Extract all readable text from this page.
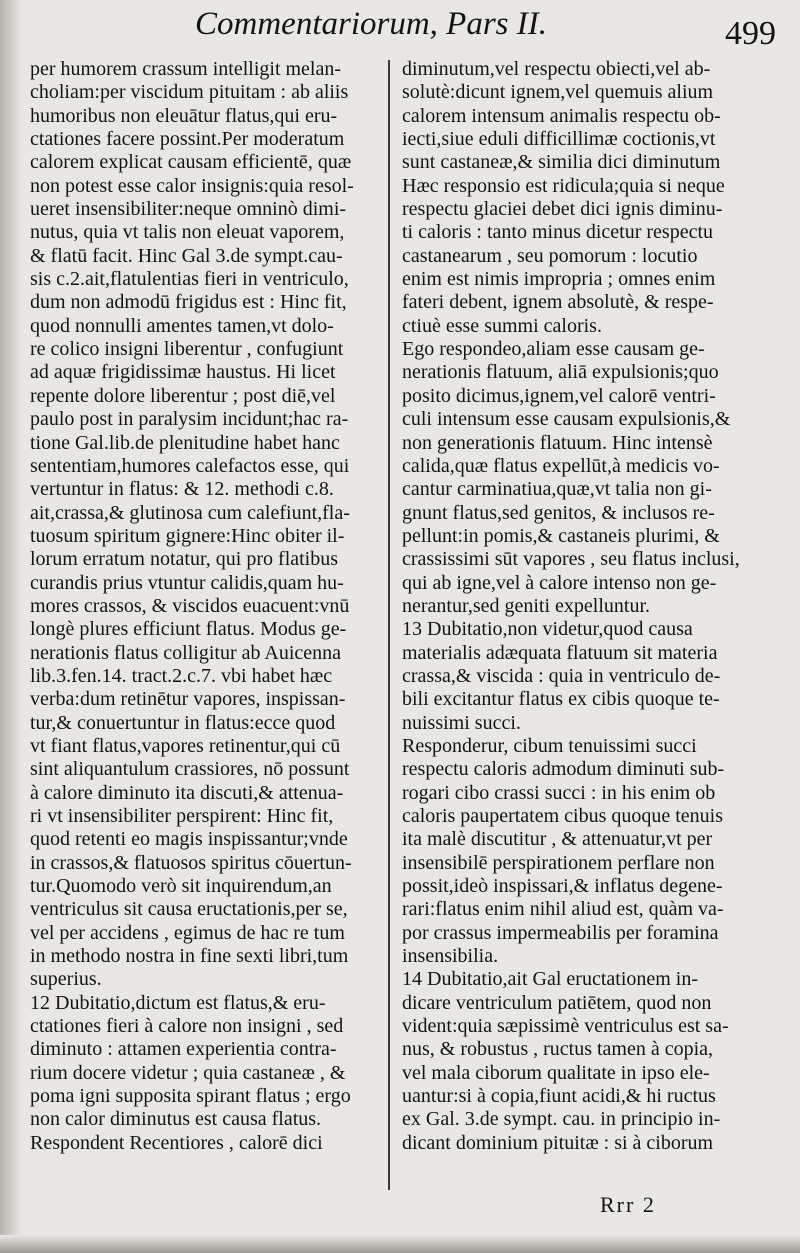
Commentariorum, Pars II.	499
per humorem crassum intelligit melan-
choliam:per viscidum pituitam : ab aliis
humoribus non eleuātur flatus,qui eru-
ctationes facere possint.Per moderatum
calorem explicat causam efficientē, quæ
non potest esse calor insignis:quia resol-
ueret insensibiliter:neque omninò dimi-
nutus, quia vt talis non eleuat vaporem,
& flatū facit. Hinc Gal 3.de sympt.cau-
sis c.2.ait,flatulentias fieri in ventriculo,
dum non admodū frigidus est : Hinc fit,
quod nonnulli amentes tamen,vt dolo-
re colico insigni liberentur , confugiunt
ad aquæ frigidissimæ haustus. Hi licet
repente dolore liberentur ; post diē,vel
paulo post in paralysim incidunt;hac ra-
tione Gal.lib.de plenitudine habet hanc
sententiam,humores calefactos esse, qui
vertuntur in flatus: & 12. methodi c.8.
ait,crassa,& glutinosa cum calefiunt,fla-
tuosum spiritum gignere:Hinc obiter il-
lorum erratum notatur, qui pro flatibus
curandis prius vtuntur calidis,quam hu-
mores crassos, & viscidos euacuent:vnū
longè plures efficiunt flatus. Modus ge-
nerationis flatus colligitur ab Auicenna
lib.3.fen.14. tract.2.c.7. vbi habet hæc
verba:dum retinētur vapores, inspissan-
tur,& conuertuntur in flatus:ecce quod
vt fiant flatus,vapores retinentur,qui cū
sint aliquantulum crassiores, nō possunt
à calore diminuto ita discuti,& attenua-
ri vt insensibiliter perspirent: Hinc fit,
quod retenti eo magis inspissantur;vnde
in crassos,& flatuosos spiritus cōuertun-
tur.Quomodo verò sit inquirendum,an
ventriculus sit causa eructationis,per se,
vel per accidens , egimus de hac re tum
in methodo nostra in fine sexti libri,tum
superius.
12 Dubitatio,dictum est flatus,& eru-
ctationes fieri à calore non insigni , sed
diminuto : attamen experientia contra-
rium docere videtur ; quia castaneæ , &
poma igni supposita spirant flatus ; ergo
non calor diminutus est causa flatus.
Respondent Recentiores , calorē dici
diminutum,vel respectu obiecti,vel ab-
solutè:dicunt ignem,vel quemuis alium
calorem intensum animalis respectu ob-
iecti,siue eduli difficillimæ coctionis,vt
sunt castaneæ,& similia dici diminutum
Hæc responsio est ridicula;quia si neque
respectu glaciei debet dici ignis diminu-
ti caloris : tanto minus dicetur respectu
castanearum , seu pomorum : locutio
enim est nimis impropria ; omnes enim
fateri debent, ignem absolutè, & respe-
ctiuè esse summi caloris.
Ego respondeo,aliam esse causam ge-
nerationis flatuum, aliā expulsionis;quo
posito dicimus,ignem,vel calorē ventri-
culi intensum esse causam expulsionis,&
non generationis flatuum. Hinc intensè
calida,quæ flatus expellūt,à medicis vo-
cantur carminatiua,quæ,vt talia non gi-
gnunt flatus,sed genitos, & inclusos re-
pellunt:in pomis,& castaneis plurimi, &
crassissimi sūt vapores , seu flatus inclusi,
qui ab igne,vel à calore intenso non ge-
nerantur,sed geniti expelluntur.
13 Dubitatio,non videtur,quod causa
materialis adæquata flatuum sit materia
crassa,& viscida : quia in ventriculo de-
bili excitantur flatus ex cibis quoque te-
nuissimi succi.
Responderur, cibum tenuissimi succi
respectu caloris admodum diminuti sub-
rogari cibo crassi succi : in his enim ob
caloris paupertatem cibus quoque tenuis
ita malè discutitur , & attenuatur,vt per
insensibilē perspirationem perflare non
possit,ideò inspissari,& inflatus degene-
rari:flatus enim nihil aliud est, quàm va-
por crassus impermeabilis per foramina
insensibilia.
14 Dubitatio,ait Gal eructationem in-
dicare ventriculum patiētem, quod non
vident:quia sæpissimè ventriculus est sa-
nus, & robustus , ructus tamen à copia,
vel mala ciborum qualitate in ipso ele-
uantur:si à copia,fiunt acidi,& hi ructus
ex Gal. 3.de sympt. cau. in principio in-
dicant dominium pituitæ : si à ciborum
Rrr 2
